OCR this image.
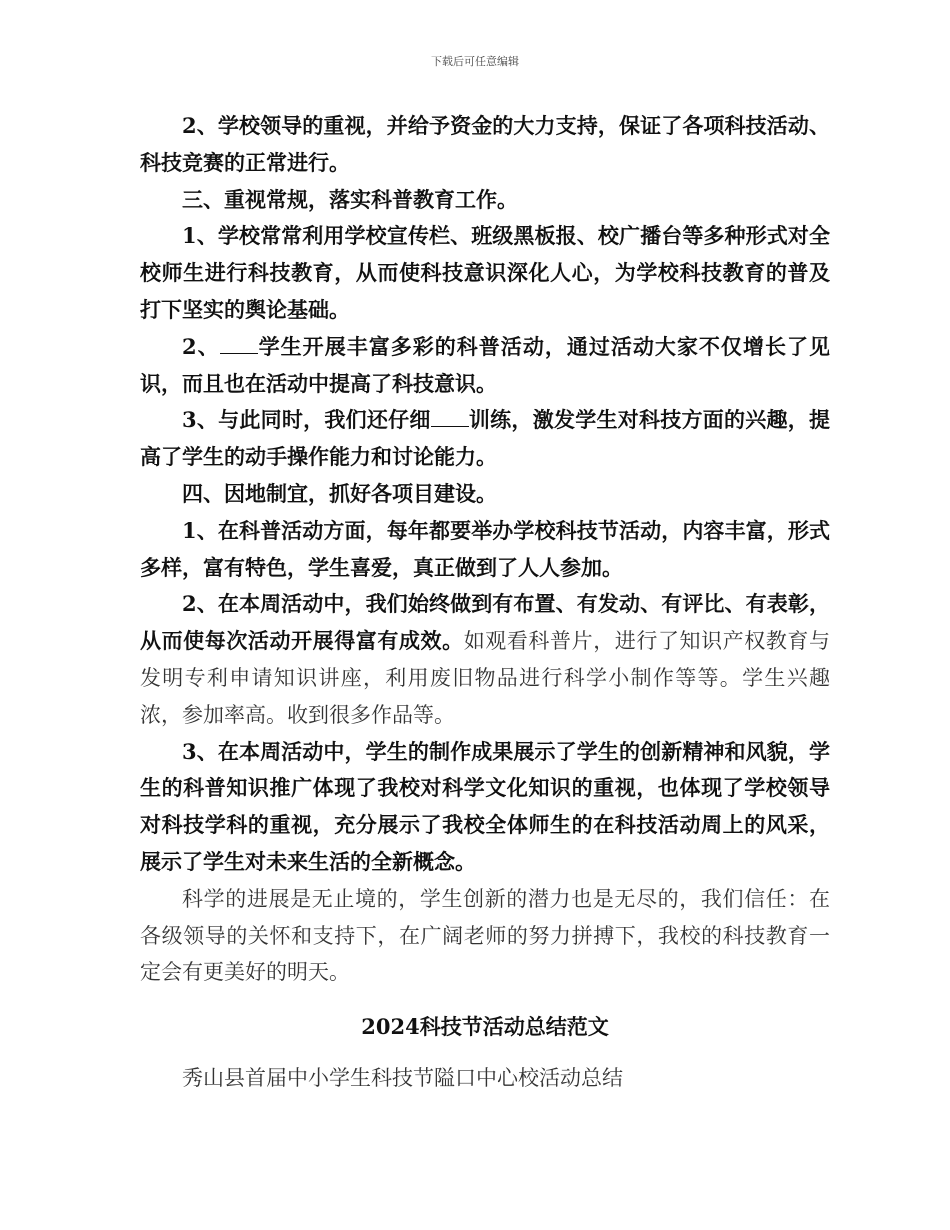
下载后可任意编辑

2、学校领导的重视，并给予资金的大力支持，保证了各项科技活动、科技竞赛的正常进行。

三、重视常规，落实科普教育工作。

1、学校常常利用学校宣传栏、班级黑板报、校广播台等多种形式对全校师生进行科技教育，从而使科技意识深化人心，为学校科技教育的普及打下坚实的舆论基础。

2、 学生开展丰富多彩的科普活动，通过活动大家不仅增长了见识，而且也在活动中提高了科技意识。

3、与此同时，我们还仔细 训练，激发学生对科技方面的兴趣，提高了学生的动手操作能力和讨论能力。

四、因地制宜，抓好各项目建设。

1、在科普活动方面，每年都要举办学校科技节活动，内容丰富，形式多样，富有特色，学生喜爱，真正做到了人人参加。

2、在本周活动中，我们始终做到有布置、有发动、有评比、有表彰，从而使每次活动开展得富有成效。如观看科普片，进行了知识产权教育与发明专利申请知识讲座，利用废旧物品进行科学小制作等等。学生兴趣浓，参加率高。收到很多作品等。

3、在本周活动中，学生的制作成果展示了学生的创新精神和风貌，学生的科普知识推广体现了我校对科学文化知识的重视，也体现了学校领导对科技学科的重视，充分展示了我校全体师生的在科技活动周上的风采，展示了学生对未来生活的全新概念。

科学的进展是无止境的，学生创新的潜力也是无尽的，我们信任：在各级领导的关怀和支持下，在广阔老师的努力拼搏下，我校的科技教育一定会有更美好的明天。

2024科技节活动总结范文

秀山县首届中小学生科技节隘口中心校活动总结
